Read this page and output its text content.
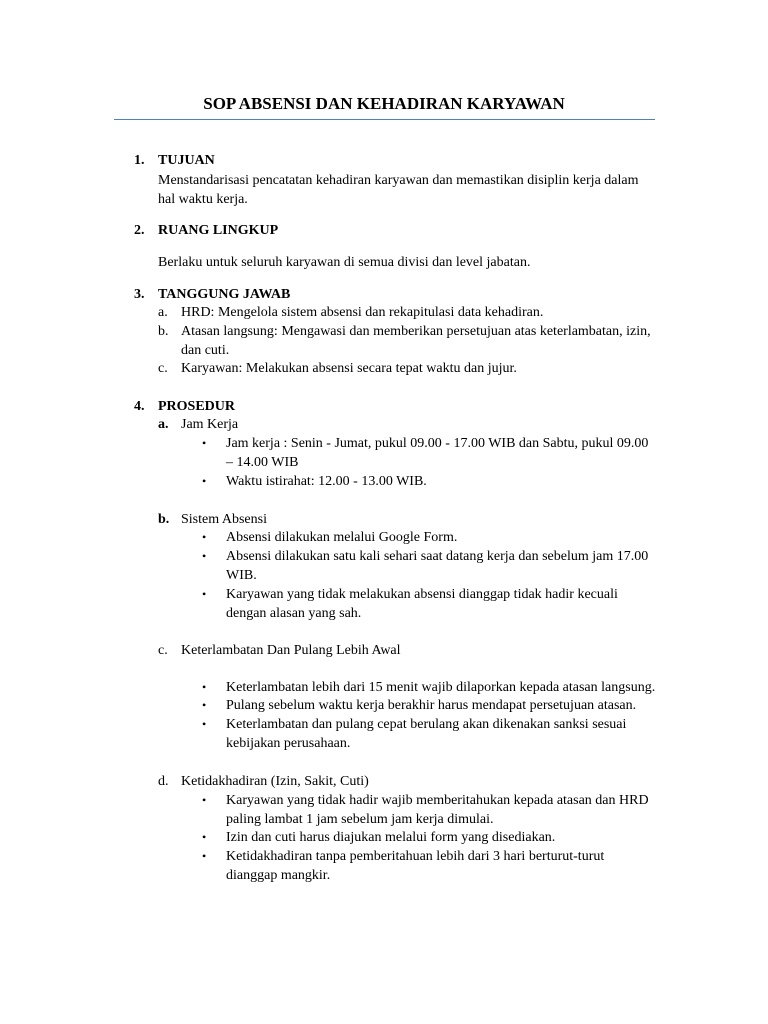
SOP ABSENSI DAN KEHADIRAN KARYAWAN
1. TUJUAN
Menstandarisasi pencatatan kehadiran karyawan dan memastikan disiplin kerja dalam hal waktu kerja.
2. RUANG LINGKUP
Berlaku untuk seluruh karyawan di semua divisi dan level jabatan.
3. TANGGUNG JAWAB
a. HRD: Mengelola sistem absensi dan rekapitulasi data kehadiran.
b. Atasan langsung: Mengawasi dan memberikan persetujuan atas keterlambatan, izin, dan cuti.
c. Karyawan: Melakukan absensi secara tepat waktu dan jujur.
4. PROSEDUR
a. Jam Kerja
• Jam kerja : Senin - Jumat, pukul 09.00 - 17.00 WIB dan Sabtu, pukul 09.00 – 14.00 WIB
• Waktu istirahat: 12.00 - 13.00 WIB.
b. Sistem Absensi
• Absensi dilakukan melalui Google Form.
• Absensi dilakukan satu kali sehari saat datang kerja dan sebelum jam 17.00 WIB.
• Karyawan yang tidak melakukan absensi dianggap tidak hadir kecuali dengan alasan yang sah.
c. Keterlambatan Dan Pulang Lebih Awal
• Keterlambatan lebih dari 15 menit wajib dilaporkan kepada atasan langsung.
• Pulang sebelum waktu kerja berakhir harus mendapat persetujuan atasan.
• Keterlambatan dan pulang cepat berulang akan dikenakan sanksi sesuai kebijakan perusahaan.
d. Ketidakhadiran (Izin, Sakit, Cuti)
• Karyawan yang tidak hadir wajib memberitahukan kepada atasan dan HRD paling lambat 1 jam sebelum jam kerja dimulai.
• Izin dan cuti harus diajukan melalui form yang disediakan.
• Ketidakhadiran tanpa pemberitahuan lebih dari 3 hari berturut-turut dianggap mangkir.
